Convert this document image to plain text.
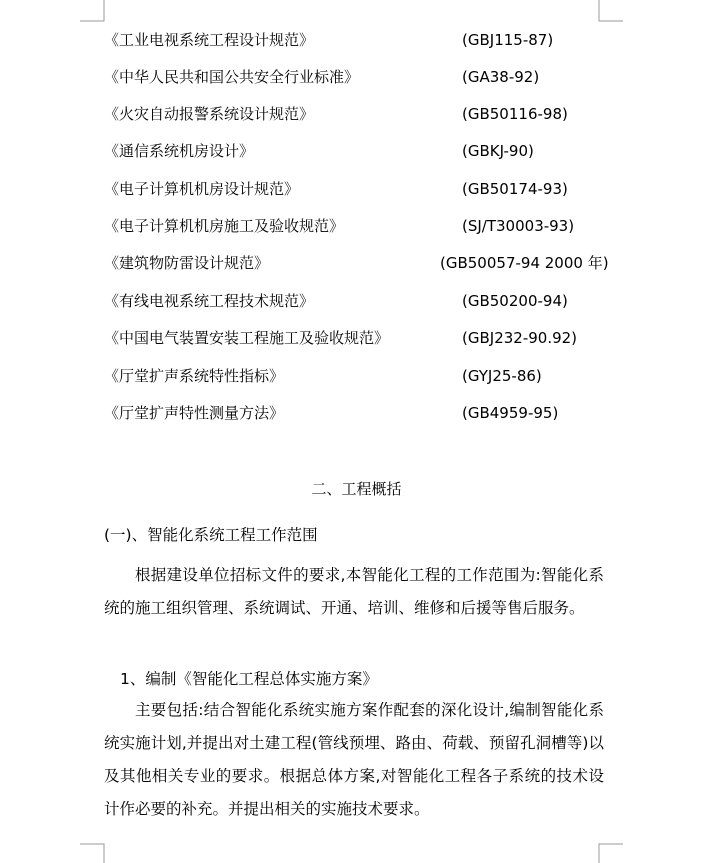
《工业电视系统工程设计规范》	(GBJ115-87)
《中华人民共和国公共安全行业标准》	(GA38-92)
《火灾自动报警系统设计规范》	(GB50116-98)
《通信系统机房设计》	(GBKJ-90)
《电子计算机机房设计规范》	(GB50174-93)
《电子计算机机房施工及验收规范》	(SJ/T30003-93)
《建筑物防雷设计规范》	(GB50057-94 2000 年)
《有线电视系统工程技术规范》	(GB50200-94)
《中国电气装置安装工程施工及验收规范》	(GBJ232-90.92)
《厅堂扩声系统特性指标》	(GYJ25-86)
《厅堂扩声特性测量方法》	(GB4959-95)
二、工程概括
(一)、智能化系统工程工作范围
根据建设单位招标文件的要求,本智能化工程的工作范围为:智能化系统的施工组织管理、系统调试、开通、培训、维修和后援等售后服务。
1、编制《智能化工程总体实施方案》
主要包括:结合智能化系统实施方案作配套的深化设计,编制智能化系统实施计划,并提出对土建工程(管线预埋、路由、荷载、预留孔洞槽等)以及其他相关专业的要求。根据总体方案,对智能化工程各子系统的技术设计作必要的补充。并提出相关的实施技术要求。
